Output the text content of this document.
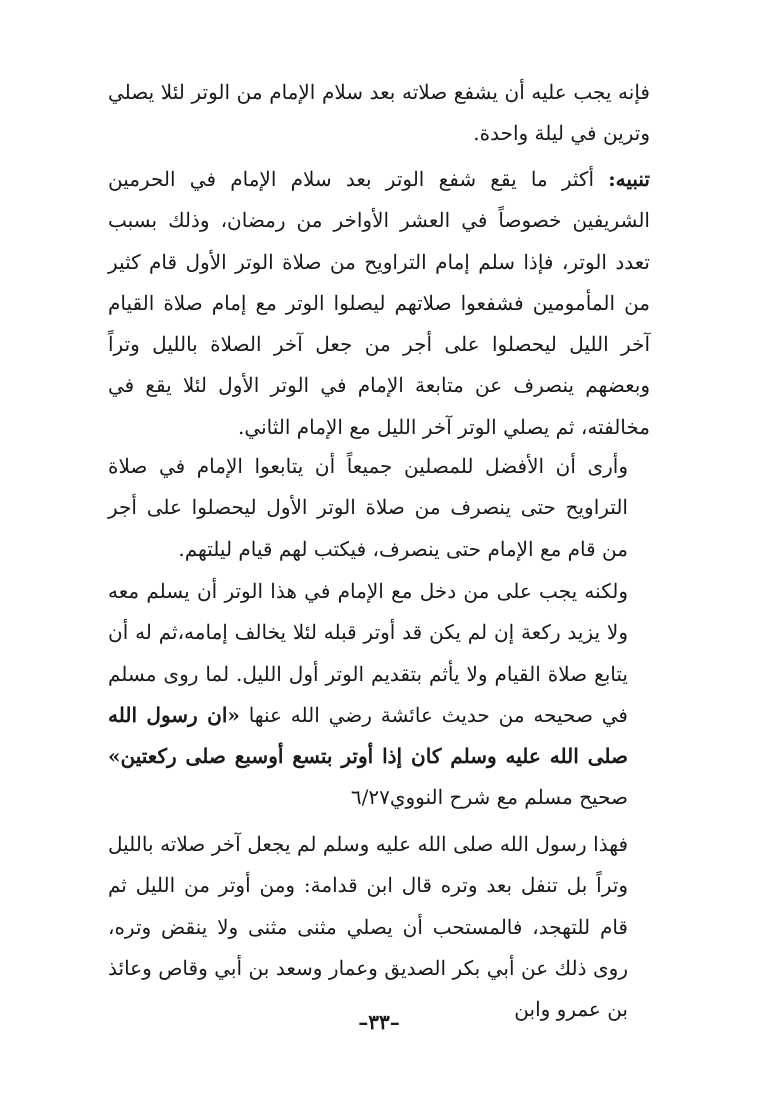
فإنه يجب عليه أن يشفع صلاته بعد سلام الإمام من الوتر لئلا يصلي وترين في ليلة واحدة.

تنبيه: أكثر ما يقع شفع الوتر بعد سلام الإمام في الحرمين الشريفين خصوصاً في العشر الأواخر من رمضان، وذلك بسبب تعدد الوتر، فإذا سلم إمام التراويح من صلاة الوتر الأول قام كثير من المأمومين فشفعوا صلاتهم ليصلوا الوتر مع إمام صلاة القيام آخر الليل ليحصلوا على أجر من جعل آخر الصلاة بالليل وتراً وبعضهم ينصرف عن متابعة الإمام في الوتر الأول لئلا يقع في مخالفته، ثم يصلي الوتر آخر الليل مع الإمام الثاني.

وأرى أن الأفضل للمصلين جميعاً أن يتابعوا الإمام في صلاة التراويح حتى ينصرف من صلاة الوتر الأول ليحصلوا على أجر من قام مع الإمام حتى ينصرف، فيكتب لهم قيام ليلتهم.

ولكنه يجب على من دخل مع الإمام في هذا الوتر أن يسلم معه ولا يزيد ركعة إن لم يكن قد أوتر قبله لئلا يخالف إمامه،ثم له أن يتابع صلاة القيام ولا يأثم بتقديم الوتر أول الليل. لما روى مسلم في صحيحه من حديث عائشة رضي الله عنها «ان رسول الله صلى الله عليه وسلم كان إذا أوتر بتسع أوسبع صلى ركعتين» صحيح مسلم مع شرح النووي٦/٢٧

فهذا رسول الله صلى الله عليه وسلم لم يجعل آخر صلاته بالليل وتراً بل تنفل بعد وتره قال ابن قدامة: ومن أوتر من الليل ثم قام للتهجد، فالمستحب أن يصلي مثنى مثنى ولا ينقض وتره، روى ذلك عن أبي بكر الصديق وعمار وسعد بن أبي وقاص وعائذ بن عمرو وابن

–٣٣–
